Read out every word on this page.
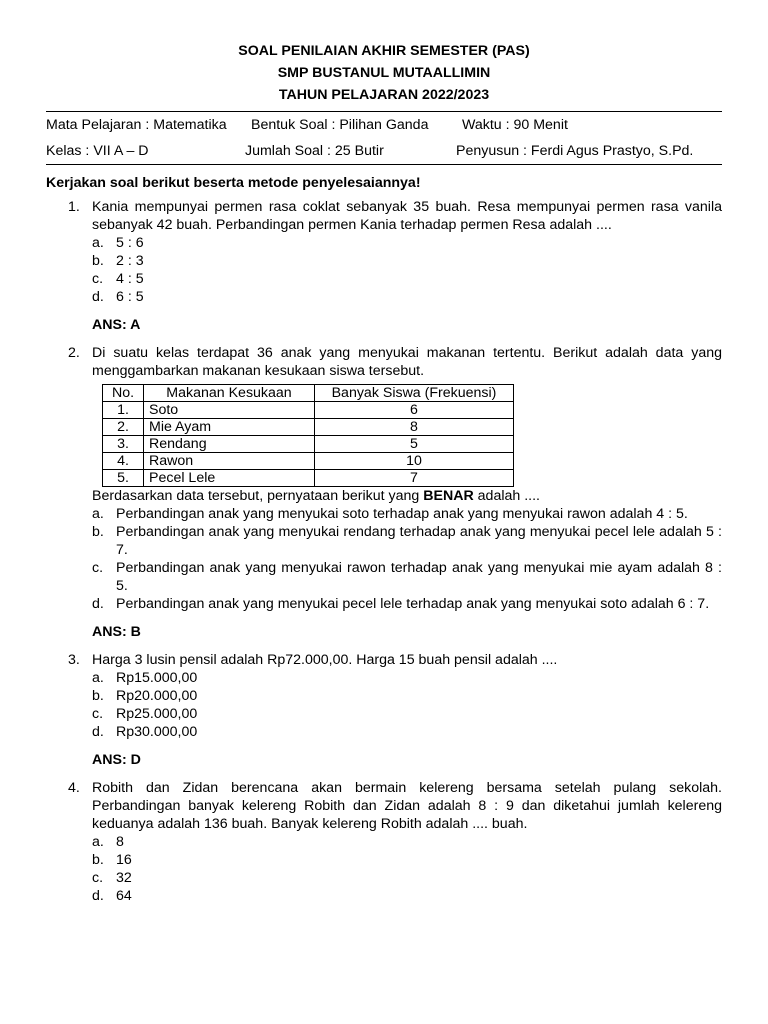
SOAL PENILAIAN AKHIR SEMESTER (PAS)
SMP BUSTANUL MUTAALLIMIN
TAHUN PELAJARAN 2022/2023
Mata Pelajaran : Matematika	Bentuk Soal : Pilihan Ganda	Waktu : 90 Menit
Kelas : VII A – D	Jumlah Soal : 25 Butir	Penyusun : Ferdi Agus Prastyo, S.Pd.
Kerjakan soal berikut beserta metode penyelesaiannya!
1. Kania mempunyai permen rasa coklat sebanyak 35 buah. Resa mempunyai permen rasa vanila sebanyak 42 buah. Perbandingan permen Kania terhadap permen Resa adalah ....
a. 5 : 6
b. 2 : 3
c. 4 : 5
d. 6 : 5
ANS: A
2. Di suatu kelas terdapat 36 anak yang menyukai makanan tertentu. Berikut adalah data yang menggambarkan makanan kesukaan siswa tersebut.
No.	Makanan Kesukaan	Banyak Siswa (Frekuensi)
1.	Soto	6
2.	Mie Ayam	8
3.	Rendang	5
4.	Rawon	10
5.	Pecel Lele	7
Berdasarkan data tersebut, pernyataan berikut yang BENAR adalah ....
a. Perbandingan anak yang menyukai soto terhadap anak yang menyukai rawon adalah 4 : 5.
b. Perbandingan anak yang menyukai rendang terhadap anak yang menyukai pecel lele adalah 5 : 7.
c. Perbandingan anak yang menyukai rawon terhadap anak yang menyukai mie ayam adalah 8 : 5.
d. Perbandingan anak yang menyukai pecel lele terhadap anak yang menyukai soto adalah 6 : 7.
ANS: B
3. Harga 3 lusin pensil adalah Rp72.000,00. Harga 15 buah pensil adalah ....
a. Rp15.000,00
b. Rp20.000,00
c. Rp25.000,00
d. Rp30.000,00
ANS: D
4. Robith dan Zidan berencana akan bermain kelereng bersama setelah pulang sekolah. Perbandingan banyak kelereng Robith dan Zidan adalah 8 : 9 dan diketahui jumlah kelereng keduanya adalah 136 buah. Banyak kelereng Robith adalah .... buah.
a. 8
b. 16
c. 32
d. 64
